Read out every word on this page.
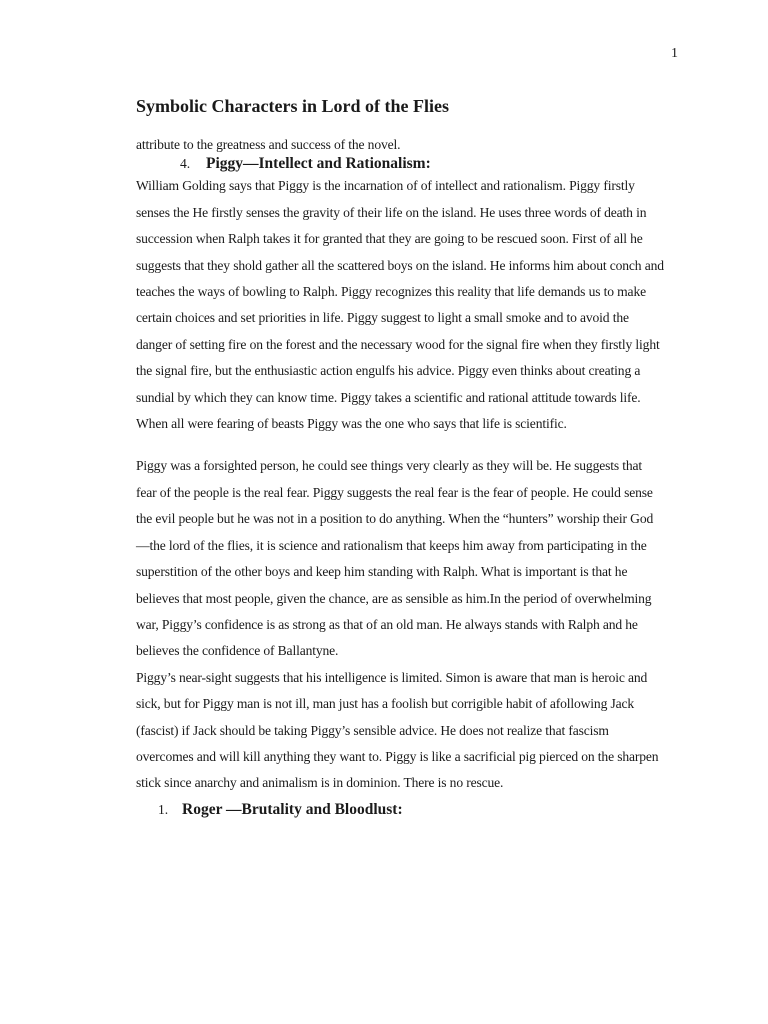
1
Symbolic Characters in Lord of the Flies

attribute to the greatness and success of the novel.

4.	Piggy—Intellect and Rationalism:

William Golding says that Piggy is the incarnation of of intellect and rationalism. Piggy firstly senses the He firstly senses the gravity of their life on the island. He uses three words of death in succession when Ralph takes it for granted that they are going to be rescued soon. First of all he suggests that they shold gather all the scattered boys on the island. He informs him about conch and teaches the ways of bowling to Ralph. Piggy recognizes this reality that life demands us to make certain choices and set priorities in life. Piggy suggest to light a small smoke and to avoid the danger of setting fire on the forest and the necessary wood for the signal fire when they firstly light the signal fire, but the enthusiastic action engulfs his advice. Piggy even thinks about creating a sundial by which they can know time. Piggy takes a scientific and rational attitude towards life. When all were fearing of beasts Piggy was the one who says that life is scientific.

Piggy was a forsighted person, he could see things very clearly as they will be. He suggests that fear of the people is the real fear. Piggy suggests the real fear is the fear of people. He could sense the evil people but he was not in a position to do anything. When the “hunters” worship their God—the lord of the flies, it is science and rationalism that keeps him away from participating in the superstition of the other boys and keep him standing with Ralph. What is important is that he believes that most people, given the chance, are as sensible as him.In the period of overwhelming war, Piggy’s confidence is as strong as that of an old man. He always stands with Ralph and he believes the confidence of Ballantyne.

Piggy’s near-sight suggests that his intelligence is limited. Simon is aware that man is heroic and sick, but for Piggy man is not ill, man just has a foolish but corrigible habit of afollowing Jack (fascist) if Jack should be taking Piggy’s sensible advice. He does not realize that fascism overcomes and will kill anything they want to. Piggy is like a sacrificial pig pierced on the sharpen stick since anarchy and animalism is in dominion. There is no rescue.

1. Roger —Brutality and Bloodlust:
